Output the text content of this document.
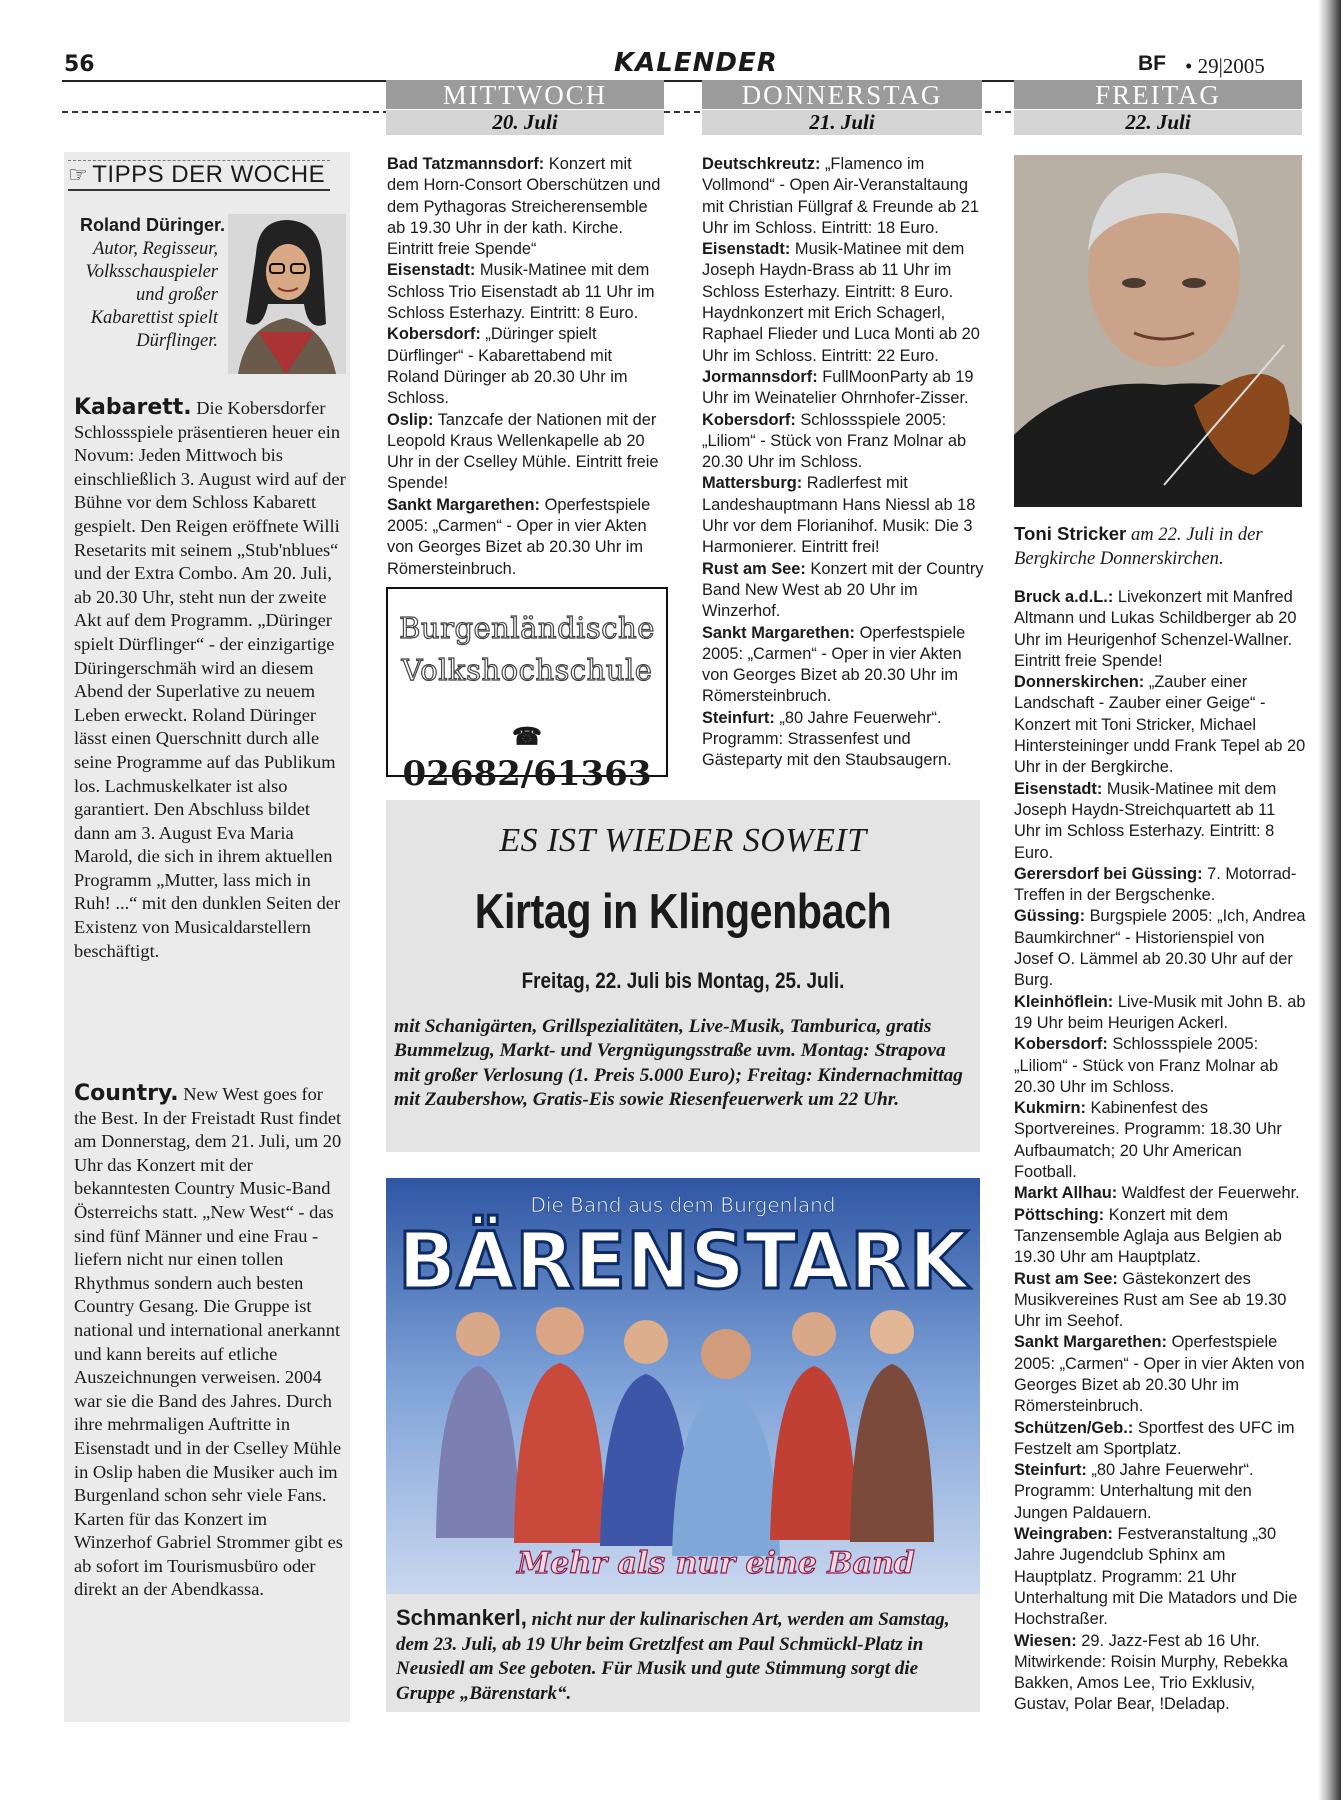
56	KALENDER	BF • 29|2005
MITTWOCH
20. Juli
DONNERSTAG
21. Juli
FREITAG
22. Juli
☞ TIPPS DER WOCHE
Roland Düringer.
Autor, Regisseur, Volksschauspieler und großer Kabarettist spielt Dürflinger.

Kabarett. Die Kobersdorfer Schlossspiele präsentieren heuer ein Novum: Jeden Mittwoch bis einschließlich 3. August wird auf der Bühne vor dem Schloss Kabarett gespielt. Den Reigen eröffnete Willi Resetarits mit seinem „Stub'nblues“ und der Extra Combo. Am 20. Juli, ab 20.30 Uhr, steht nun der zweite Akt auf dem Programm. „Düringer spielt Dürflinger“ - der einzigartige Düringerschmäh wird an diesem Abend der Superlative zu neuem Leben erweckt. Roland Düringer lässt einen Querschnitt durch alle seine Programme auf das Publikum los. Lachmuskelkater ist also garantiert. Den Abschluss bildet dann am 3. August Eva Maria Marold, die sich in ihrem aktuellen Programm „Mutter, lass mich in Ruh! ...“ mit den dunklen Seiten der Existenz von Musicaldarstellern beschäftigt.

Country. New West goes for the Best. In der Freistadt Rust findet am Donnerstag, dem 21. Juli, um 20 Uhr das Konzert mit der bekanntesten Country Music-Band Österreichs statt. „New West“ - das sind fünf Männer und eine Frau - liefern nicht nur einen tollen Rhythmus sondern auch besten Country Gesang. Die Gruppe ist national und international anerkannt und kann bereits auf etliche Auszeichnungen verweisen. 2004 war sie die Band des Jahres. Durch ihre mehrmaligen Auftritte in Eisenstadt und in der Cselley Mühle in Oslip haben die Musiker auch im Burgenland schon sehr viele Fans. Karten für das Konzert im Winzerhof Gabriel Strommer gibt es ab sofort im Tourismusbüro oder direkt an der Abendkassa.

Bad Tatzmannsdorf: Konzert mit dem Horn-Consort Oberschützen und dem Pythagoras Streicherensemble ab 19.30 Uhr in der kath. Kirche. Eintritt freie Spende“

Eisenstadt: Musik-Matinee mit dem Schloss Trio Eisenstadt ab 11 Uhr im Schloss Esterhazy. Eintritt: 8 Euro.

Kobersdorf: „Düringer spielt Dürflinger“ - Kabarettabend mit Roland Düringer ab 20.30 Uhr im Schloss.

Oslip: Tanzcafe der Nationen mit der Leopold Kraus Wellenkapelle ab 20 Uhr in der Cselley Mühle. Eintritt freie Spende!

Sankt Margarethen: Operfestspiele 2005: „Carmen“ - Oper in vier Akten von Georges Bizet ab 20.30 Uhr im Römersteinbruch.

Burgenländische
Volkshochschule
☎ 02682/61363

Deutschkreutz: „Flamenco im Vollmond“ - Open Air-Veranstaltaung mit Christian Füllgraf & Freunde ab 21 Uhr im Schloss. Eintritt: 18 Euro.

Eisenstadt: Musik-Matinee mit dem Joseph Haydn-Brass ab 11 Uhr im Schloss Esterhazy. Eintritt: 8 Euro. Haydnkonzert mit Erich Schagerl, Raphael Flieder und Luca Monti ab 20 Uhr im Schloss. Eintritt: 22 Euro.

Jormannsdorf: FullMoonParty ab 19 Uhr im Weinatelier Ohrnhofer-Zisser.

Kobersdorf: Schlossspiele 2005: „Liliom“ - Stück von Franz Molnar ab 20.30 Uhr im Schloss.

Mattersburg: Radlerfest mit Landeshauptmann Hans Niessl ab 18 Uhr vor dem Florianihof. Musik: Die 3 Harmonierer. Eintritt frei!

Rust am See: Konzert mit der Country Band New West ab 20 Uhr im Winzerhof.

Sankt Margarethen: Operfestspiele 2005: „Carmen“ - Oper in vier Akten von Georges Bizet ab 20.30 Uhr im Römersteinbruch.

Steinfurt: „80 Jahre Feuerwehr“. Programm: Strassenfest und Gästeparty mit den Staubsaugern.

ES IST WIEDER SOWEIT
Kirtag in Klingenbach
Freitag, 22. Juli bis Montag, 25. Juli.
mit Schanigärten, Grillspezialitäten, Live-Musik, Tamburica, gratis Bummelzug, Markt- und Vergnügungsstraße uvm. Montag: Strapova mit großer Verlosung (1. Preis 5.000 Euro); Freitag: Kindernachmittag mit Zaubershow, Gratis-Eis sowie Riesenfeuerwerk um 22 Uhr.
Die Band aus dem Burgenland
BÄRENSTARK
Mehr als nur eine Band
Schmankerl, nicht nur der kulinarischen Art, werden am Samstag, dem 23. Juli, ab 19 Uhr beim Gretzlfest am Paul Schmückl-Platz in Neusiedl am See geboten. Für Musik und gute Stimmung sorgt die Gruppe „Bärenstark“.
Toni Stricker am 22. Juli in der Bergkirche Donnerskirchen.

Bruck a.d.L.: Livekonzert mit Manfred Altmann und Lukas Schildberger ab 20 Uhr im Heurigenhof Schenzel-Wallner. Eintritt freie Spende!

Donnerskirchen: „Zauber einer Landschaft - Zauber einer Geige“ - Konzert mit Toni Stricker, Michael Hintersteininger undd Frank Tepel ab 20 Uhr in der Bergkirche.

Eisenstadt: Musik-Matinee mit dem Joseph Haydn-Streichquartett ab 11 Uhr im Schloss Esterhazy. Eintritt: 8 Euro.

Gerersdorf bei Güssing: 7. Motorrad-Treffen in der Bergschenke.

Güssing: Burgspiele 2005: „Ich, Andrea Baumkirchner“ - Historienspiel von Josef O. Lämmel ab 20.30 Uhr auf der Burg.

Kleinhöflein: Live-Musik mit John B. ab 19 Uhr beim Heurigen Ackerl.

Kobersdorf: Schlossspiele 2005: „Liliom“ - Stück von Franz Molnar ab 20.30 Uhr im Schloss.

Kukmirn: Kabinenfest des Sportvereines. Programm: 18.30 Uhr Aufbaumatch; 20 Uhr American Football.

Markt Allhau: Waldfest der Feuerwehr.

Pöttsching: Konzert mit dem Tanzensemble Aglaja aus Belgien ab 19.30 Uhr am Hauptplatz.

Rust am See: Gästekonzert des Musikvereines Rust am See ab 19.30 Uhr im Seehof.

Sankt Margarethen: Operfestspiele 2005: „Carmen“ - Oper in vier Akten von Georges Bizet ab 20.30 Uhr im Römersteinbruch.

Schützen/Geb.: Sportfest des UFC im Festzelt am Sportplatz.

Steinfurt: „80 Jahre Feuerwehr“. Programm: Unterhaltung mit den Jungen Paldauern.

Weingraben: Festveranstaltung „30 Jahre Jugendclub Sphinx am Hauptplatz. Programm: 21 Uhr Unterhaltung mit Die Matadors und Die Hochstraßer.

Wiesen: 29. Jazz-Fest ab 16 Uhr. Mitwirkende: Roisin Murphy, Rebekka Bakken, Amos Lee, Trio Exklusiv, Gustav, Polar Bear, !Deladap.
